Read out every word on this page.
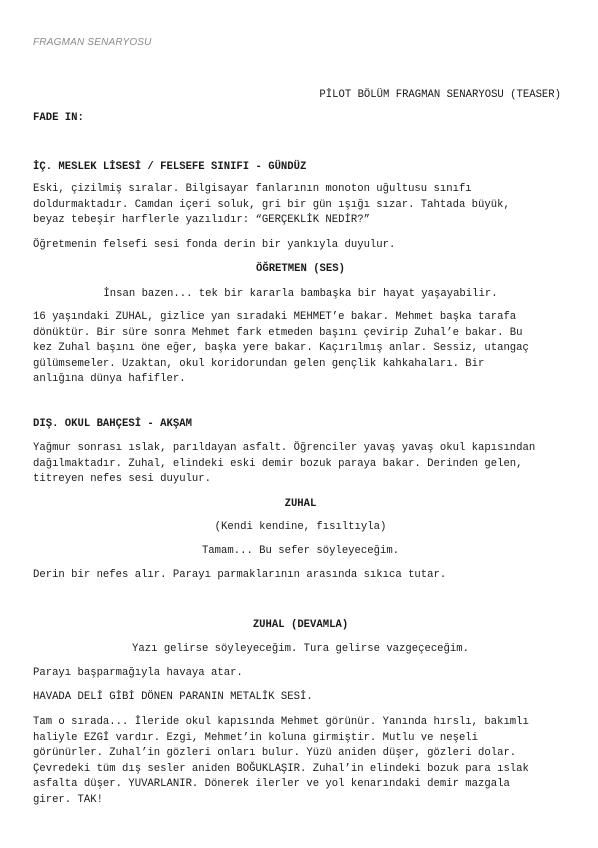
FRAGMAN SENARYOSU
PİLOT BÖLÜM FRAGMAN SENARYOSU (TEASER)
FADE IN:
İÇ. MESLEK LİSESİ / FELSEFE SINIFI - GÜNDÜZ
Eski, çizilmiş sıralar. Bilgisayar fanlarının monoton uğultusu sınıfı
doldurmaktadır. Camdan içeri soluk, gri bir gün ışığı sızar. Tahtada büyük,
beyaz tebeşir harflerle yazılıdır: “GERÇEKLİK NEDİR?”
Öğretmenin felsefi sesi fonda derin bir yankıyla duyulur.
ÖĞRETMEN (SES)
İnsan bazen... tek bir kararla bambaşka bir hayat yaşayabilir.
16 yaşındaki ZUHAL, gizlice yan sıradaki MEHMET’e bakar. Mehmet başka tarafa
dönüktür. Bir süre sonra Mehmet fark etmeden başını çevirip Zuhal’e bakar. Bu
kez Zuhal başını öne eğer, başka yere bakar. Kaçırılmış anlar. Sessiz, utangaç
gülümsemeler. Uzaktan, okul koridorundan gelen gençlik kahkahaları. Bir
anlığına dünya hafifler.
DIŞ. OKUL BAHÇESİ - AKŞAM
Yağmur sonrası ıslak, parıldayan asfalt. Öğrenciler yavaş yavaş okul kapısından
dağılmaktadır. Zuhal, elindeki eski demir bozuk paraya bakar. Derinden gelen,
titreyen nefes sesi duyulur.
ZUHAL
(Kendi kendine, fısıltıyla)
Tamam... Bu sefer söyleyeceğim.
Derin bir nefes alır. Parayı parmaklarının arasında sıkıca tutar.
ZUHAL (DEVAMLA)
Yazı gelirse söyleyeceğim. Tura gelirse vazgeçeceğim.
Parayı başparmağıyla havaya atar.
HAVADA DELİ GİBİ DÖNEN PARANIN METALİK SESİ.
Tam o sırada... İleride okul kapısında Mehmet görünür. Yanında hırslı, bakımlı
haliyle EZGİ vardır. Ezgi, Mehmet’in koluna girmiştir. Mutlu ve neşeli
görünürler. Zuhal’in gözleri onları bulur. Yüzü aniden düşer, gözleri dolar.
Çevredeki tüm dış sesler aniden BOĞUKLAŞIR. Zuhal’in elindeki bozuk para ıslak
asfalta düşer. YUVARLANIR. Dönerek ilerler ve yol kenarındaki demir mazgala
girer. TAK!
